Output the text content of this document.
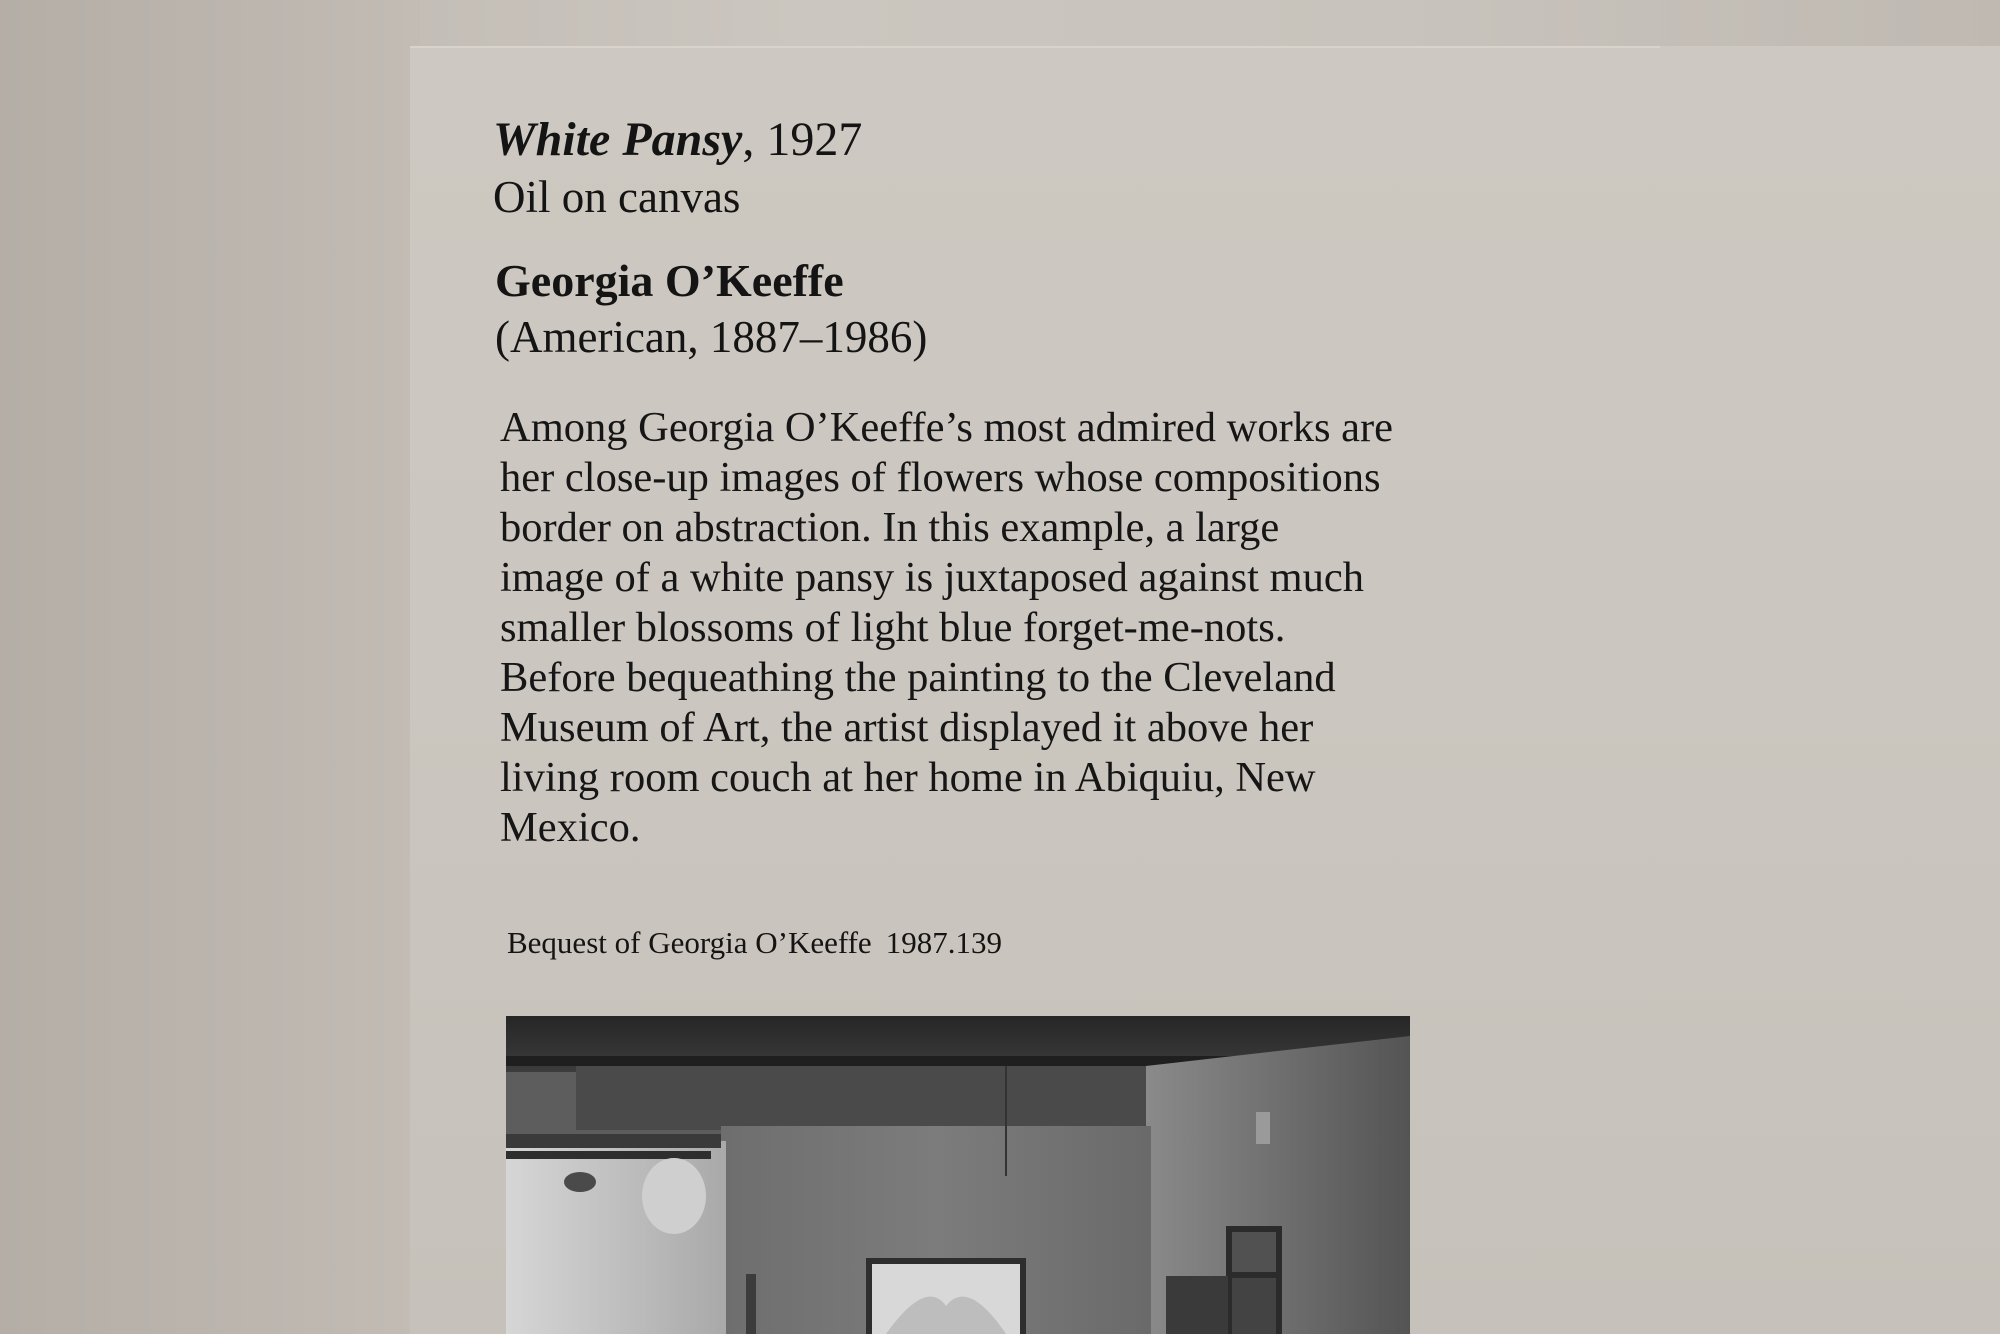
White Pansy, 1927
Oil on canvas
Georgia O’Keeffe
(American, 1887–1986)
Among Georgia O’Keeffe’s most admired works are
her close-up images of flowers whose compositions
border on abstraction. In this example, a large
image of a white pansy is juxtaposed against much
smaller blossoms of light blue forget-me-nots.
Before bequeathing the painting to the Cleveland
Museum of Art, the artist displayed it above her
living room couch at her home in Abiquiu, New
Mexico.
Bequest of Georgia O’Keeffe 1987.139
